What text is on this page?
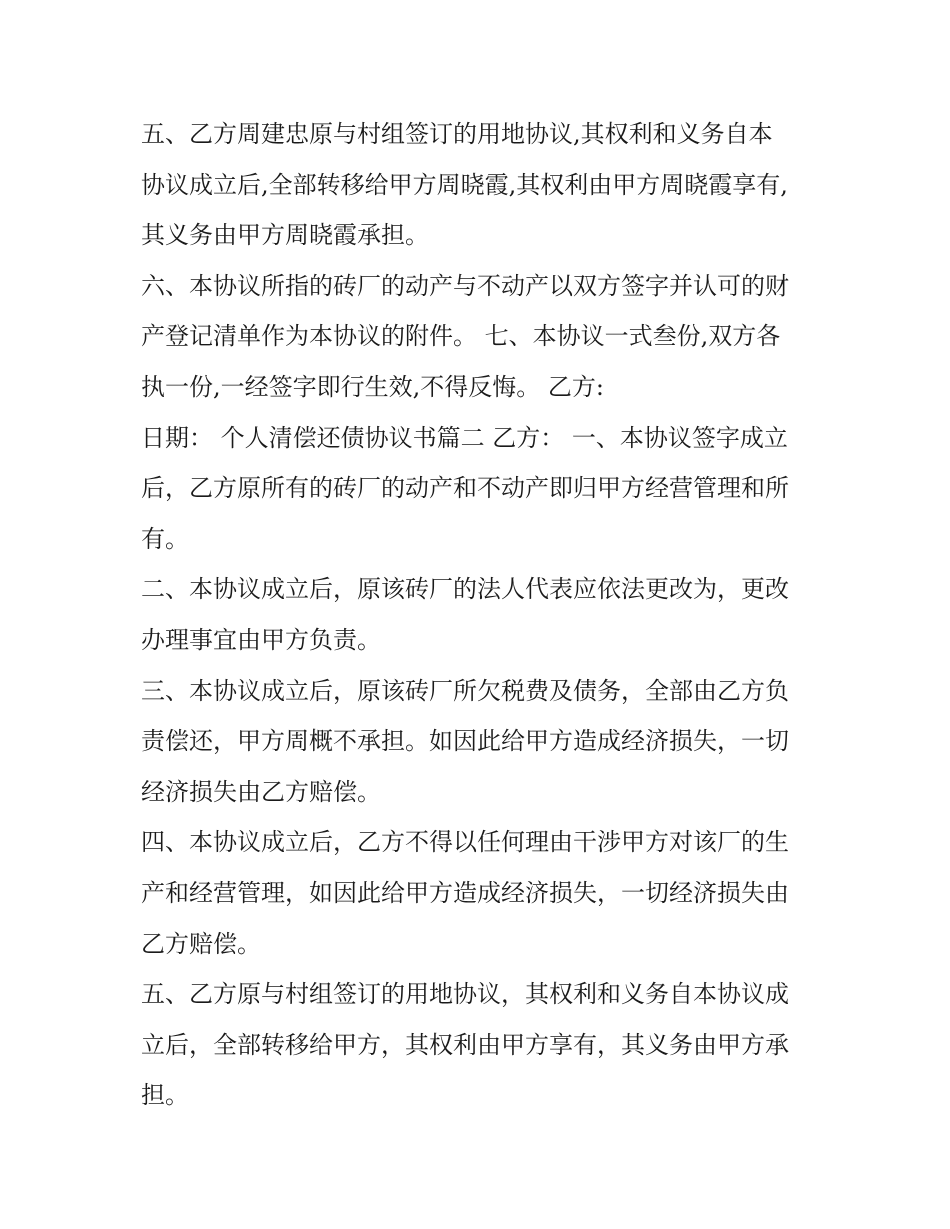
五、乙方周建忠原与村组签订的用地协议,其权利和义务自本
协议成立后,全部转移给甲方周晓霞,其权利由甲方周晓霞享有,
其义务由甲方周晓霞承担。

六、本协议所指的砖厂的动产与不动产以双方签字并认可的财
产登记清单作为本协议的附件。 七、本协议一式叁份,双方各
执一份,一经签字即行生效,不得反悔。 乙方:

日期： 个人清偿还债协议书篇二 乙方： 一、本协议签字成立
后，乙方原所有的砖厂的动产和不动产即归甲方经营管理和所
有。

二、本协议成立后，原该砖厂的法人代表应依法更改为，更改
办理事宜由甲方负责。

三、本协议成立后，原该砖厂所欠税费及债务，全部由乙方负
责偿还，甲方周概不承担。如因此给甲方造成经济损失，一切
经济损失由乙方赔偿。

四、本协议成立后，乙方不得以任何理由干涉甲方对该厂的生
产和经营管理，如因此给甲方造成经济损失，一切经济损失由
乙方赔偿。

五、乙方原与村组签订的用地协议，其权利和义务自本协议成
立后，全部转移给甲方，其权利由甲方享有，其义务由甲方承
担。
